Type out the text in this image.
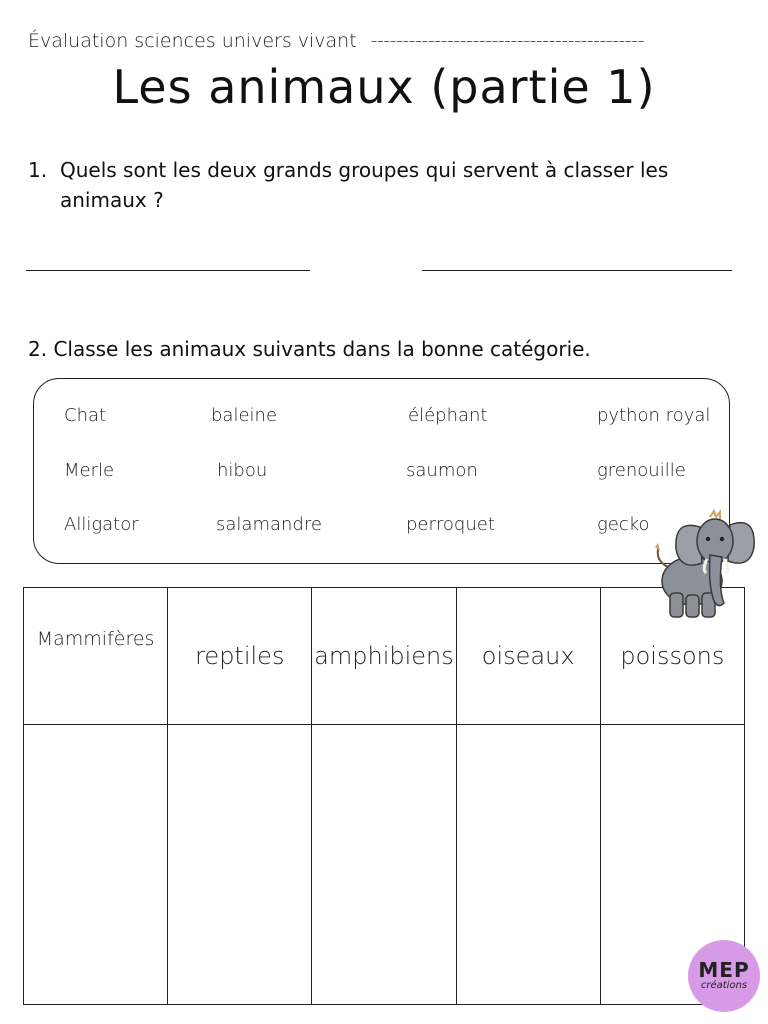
Évaluation sciences univers vivant -------------------------------------------
Les animaux (partie 1)
1. Quels sont les deux grands groupes qui servent à classer les animaux ?
2. Classe les animaux suivants dans la bonne catégorie.
Chat	baleine	éléphant	python royal
Merle	hibou	saumon	grenouille
Alligator	salamandre	perroquet	gecko
Mammifères	reptiles	amphibiens	oiseaux	poissons

MEP
créations
